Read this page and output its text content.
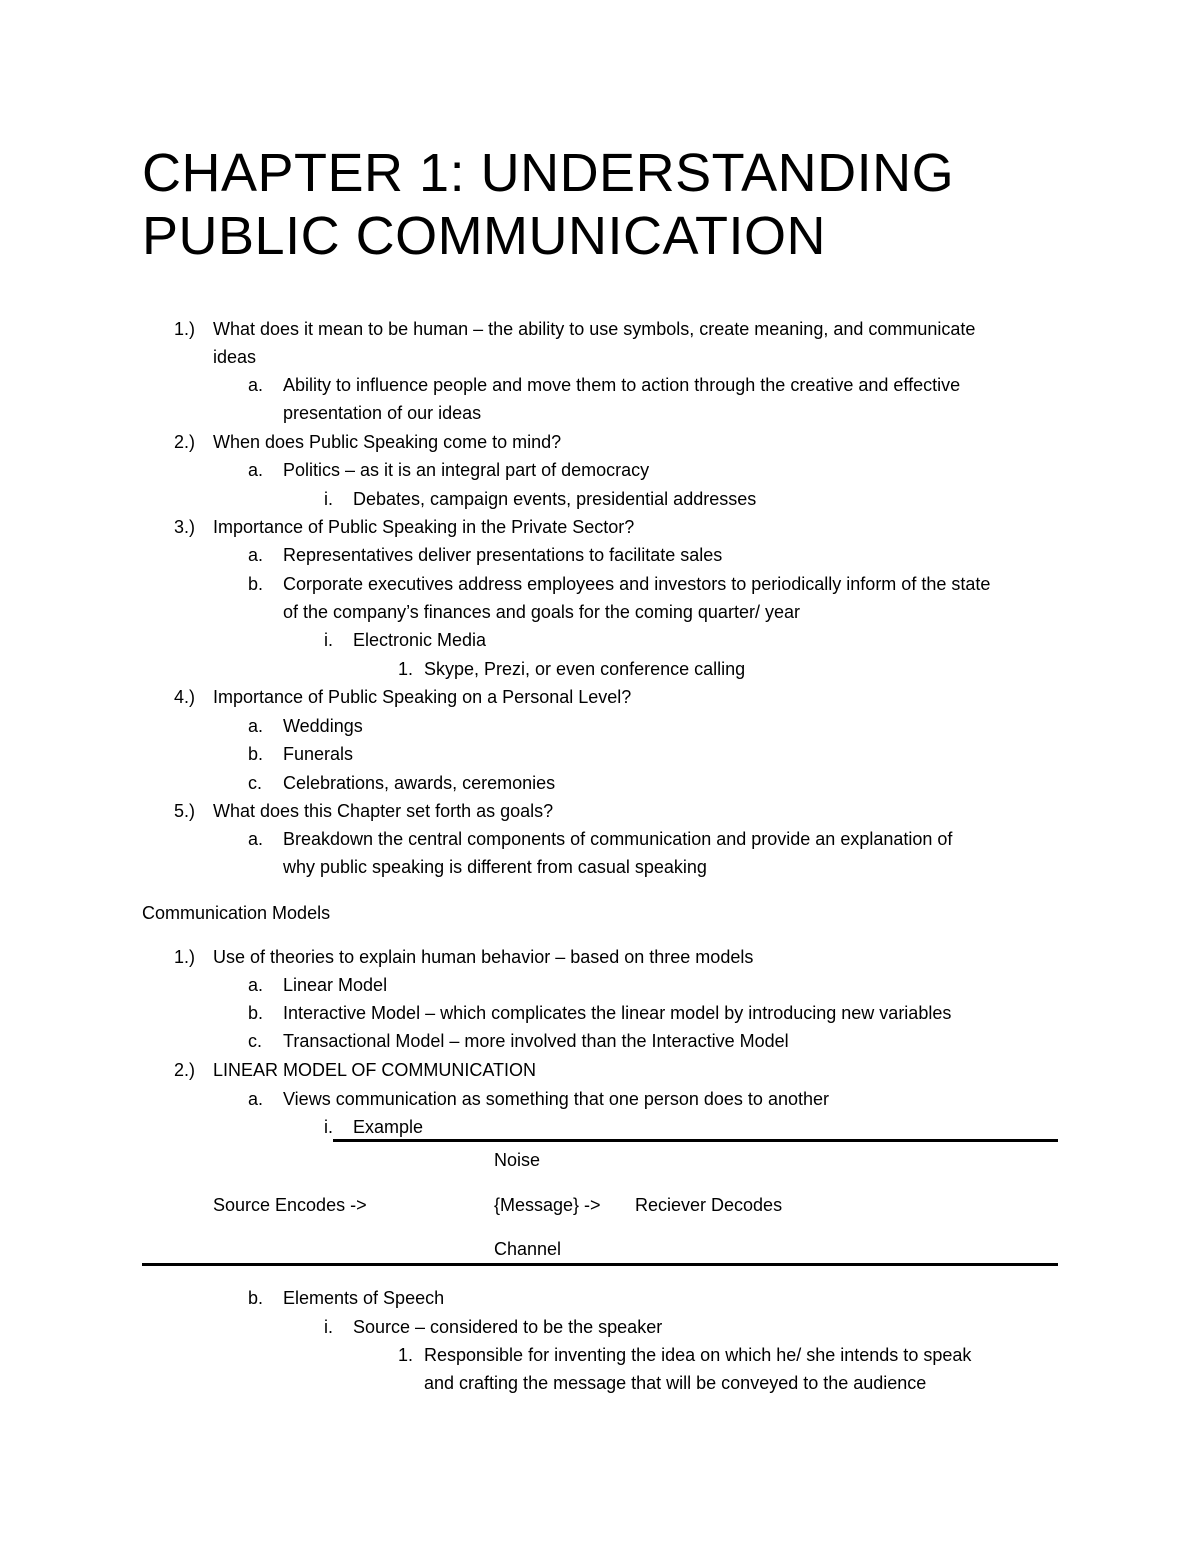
CHAPTER 1: UNDERSTANDING
PUBLIC COMMUNICATION
1.) What does it mean to be human – the ability to use symbols, create meaning, and communicate
ideas
a. Ability to influence people and move them to action through the creative and effective
presentation of our ideas
2.) When does Public Speaking come to mind?
a. Politics – as it is an integral part of democracy
i. Debates, campaign events, presidential addresses
3.) Importance of Public Speaking in the Private Sector?
a. Representatives deliver presentations to facilitate sales
b. Corporate executives address employees and investors to periodically inform of the state
of the company’s finances and goals for the coming quarter/ year
i. Electronic Media
1. Skype, Prezi, or even conference calling
4.) Importance of Public Speaking on a Personal Level?
a. Weddings
b. Funerals
c. Celebrations, awards, ceremonies
5.) What does this Chapter set forth as goals?
a. Breakdown the central components of communication and provide an explanation of
why public speaking is different from casual speaking
Communication Models
1.) Use of theories to explain human behavior – based on three models
a. Linear Model
b. Interactive Model – which complicates the linear model by introducing new variables
c. Transactional Model – more involved than the Interactive Model
2.) LINEAR MODEL OF COMMUNICATION
a. Views communication as something that one person does to another
i. Example
Noise
Source Encodes ->	{Message} -> Reciever Decodes
Channel
b. Elements of Speech
i. Source – considered to be the speaker
1. Responsible for inventing the idea on which he/ she intends to speak
and crafting the message that will be conveyed to the audience
